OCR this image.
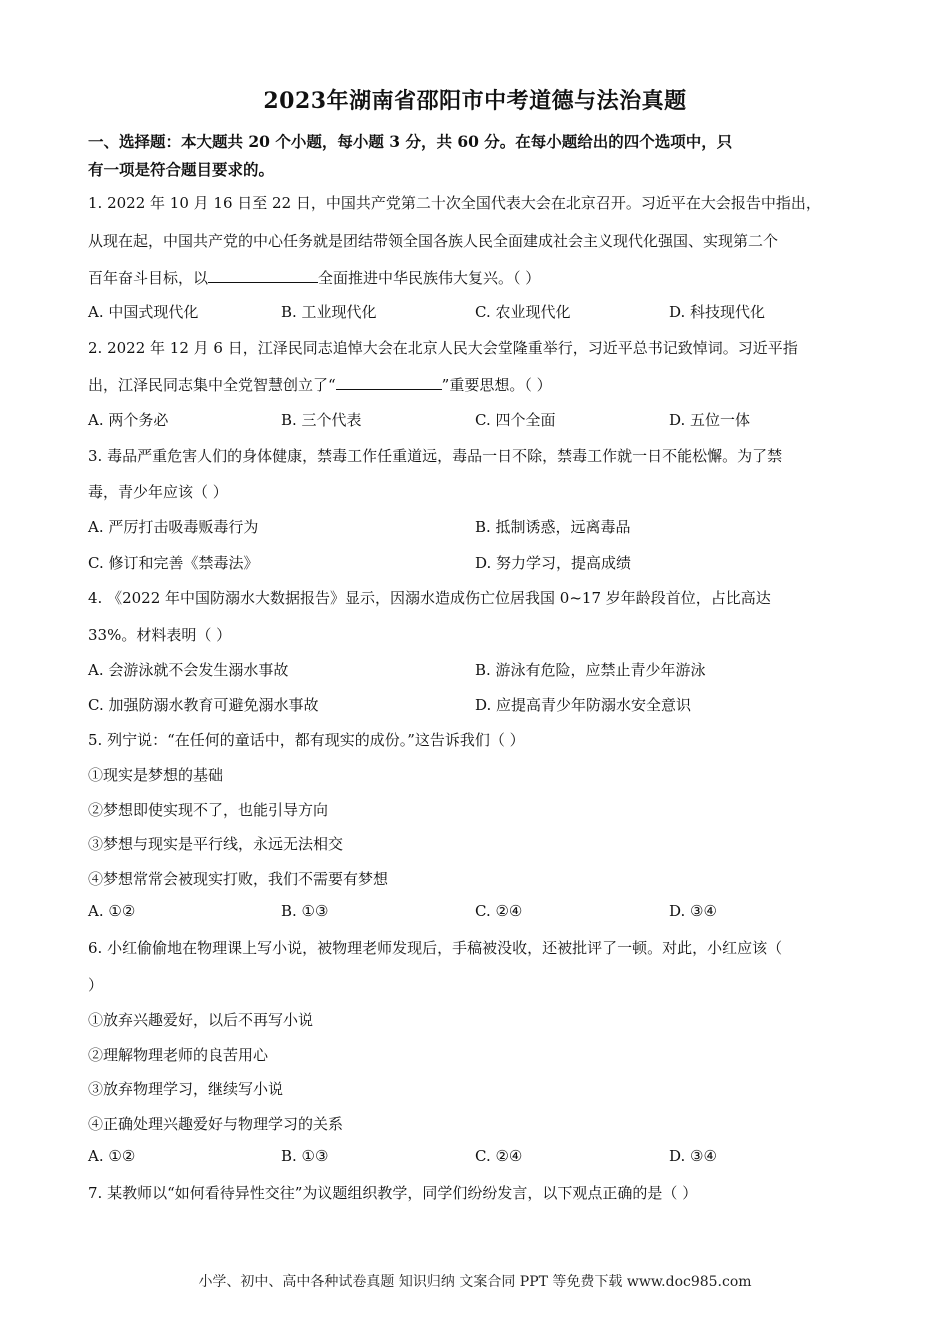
2023年湖南省邵阳市中考道德与法治真题
一、选择题：本大题共 20 个小题，每小题 3 分，共 60 分。在每小题给出的四个选项中，只
有一项是符合题目要求的。
1. 2022 年 10 月 16 日至 22 日，中国共产党第二十次全国代表大会在北京召开。习近平在大会报告中指出，
从现在起，中国共产党的中心任务就是团结带领全国各族人民全面建成社会主义现代化强国、实现第二个
百年奋斗目标，以	全面推进中华民族伟大复兴。（ ）
A. 中国式现代化	B. 工业现代化	C. 农业现代化	D. 科技现代化
2. 2022 年 12 月 6 日，江泽民同志追悼大会在北京人民大会堂隆重举行，习近平总书记致悼词。习近平指
出，江泽民同志集中全党智慧创立了“	”重要思想。（ ）
A. 两个务必	B. 三个代表	C. 四个全面	D. 五位一体
3. 毒品严重危害人们的身体健康，禁毒工作任重道远，毒品一日不除，禁毒工作就一日不能松懈。为了禁
毒，青少年应该（ ）
A. 严厉打击吸毒贩毒行为	B. 抵制诱惑，远离毒品
C. 修订和完善《禁毒法》	D. 努力学习，提高成绩
4. 《2022 年中国防溺水大数据报告》显示，因溺水造成伤亡位居我国 0~17 岁年龄段首位，占比高达
33%。材料表明（ ）
A. 会游泳就不会发生溺水事故	B. 游泳有危险，应禁止青少年游泳
C. 加强防溺水教育可避免溺水事故	D. 应提高青少年防溺水安全意识
5. 列宁说：“在任何的童话中，都有现实的成份。”这告诉我们（ ）
①现实是梦想的基础
②梦想即使实现不了，也能引导方向
③梦想与现实是平行线，永远无法相交
④梦想常常会被现实打败，我们不需要有梦想
A. ①②	B. ①③	C. ②④	D. ③④
6. 小红偷偷地在物理课上写小说，被物理老师发现后，手稿被没收，还被批评了一顿。对此，小红应该（
）
①放弃兴趣爱好，以后不再写小说
②理解物理老师的良苦用心
③放弃物理学习，继续写小说
④正确处理兴趣爱好与物理学习的关系
A. ①②	B. ①③	C. ②④	D. ③④
7. 某教师以“如何看待异性交往”为议题组织教学，同学们纷纷发言，以下观点正确的是（ ）
小学、初中、高中各种试卷真题 知识归纳 文案合同 PPT 等免费下载 www.doc985.com
